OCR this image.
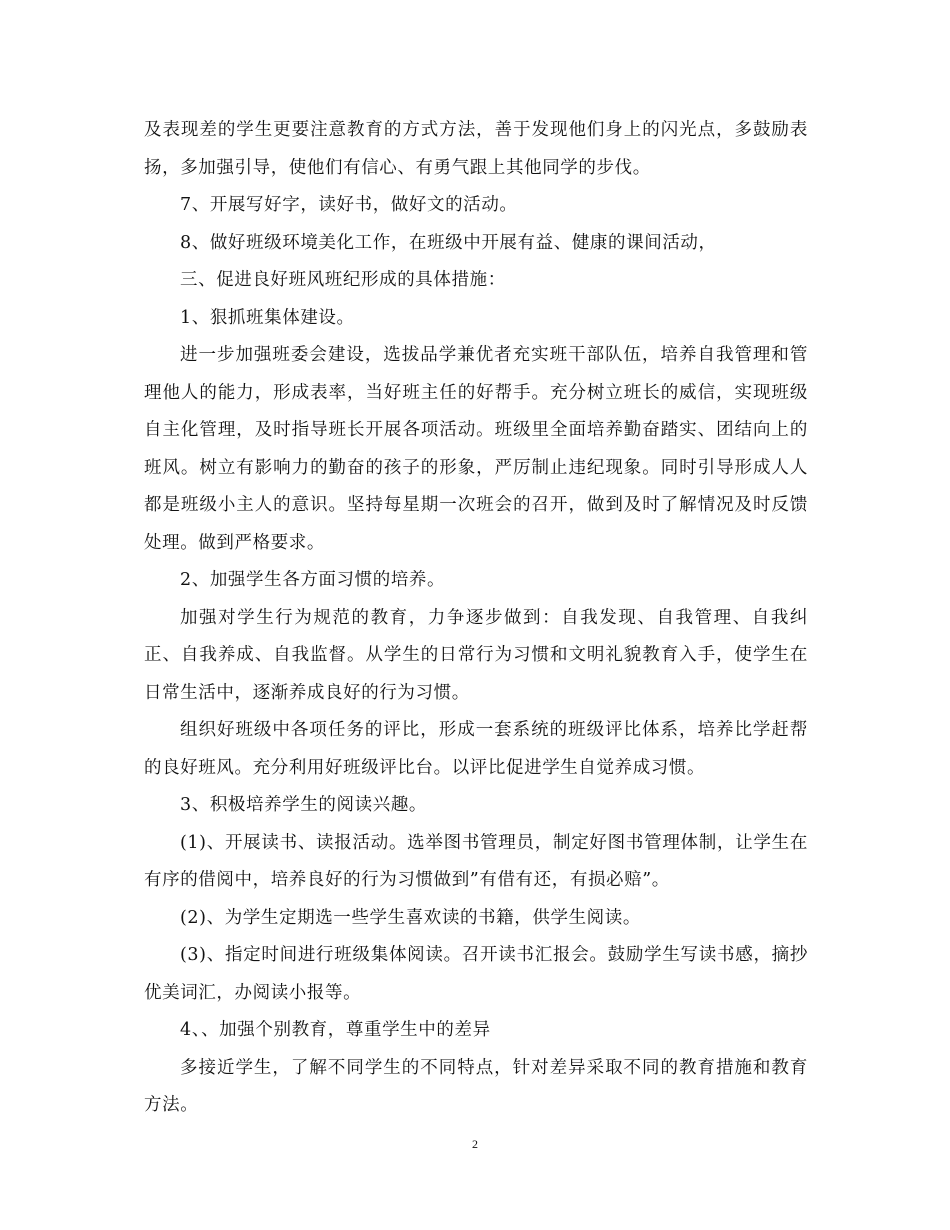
及表现差的学生更要注意教育的方式方法，善于发现他们身上的闪光点，多鼓励表扬，多加强引导，使他们有信心、有勇气跟上其他同学的步伐。

7、开展写好字，读好书，做好文的活动。

8、做好班级环境美化工作，在班级中开展有益、健康的课间活动，

三、促进良好班风班纪形成的具体措施：

1、狠抓班集体建设。

进一步加强班委会建设，选拔品学兼优者充实班干部队伍，培养自我管理和管理他人的能力，形成表率，当好班主任的好帮手。充分树立班长的威信，实现班级自主化管理，及时指导班长开展各项活动。班级里全面培养勤奋踏实、团结向上的班风。树立有影响力的勤奋的孩子的形象，严厉制止违纪现象。同时引导形成人人都是班级小主人的意识。坚持每星期一次班会的召开，做到及时了解情况及时反馈处理。做到严格要求。

2、加强学生各方面习惯的培养。

加强对学生行为规范的教育，力争逐步做到：自我发现、自我管理、自我纠正、自我养成、自我监督。从学生的日常行为习惯和文明礼貌教育入手，使学生在日常生活中，逐渐养成良好的行为习惯。

组织好班级中各项任务的评比，形成一套系统的班级评比体系，培养比学赶帮的良好班风。充分利用好班级评比台。以评比促进学生自觉养成习惯。

3、积极培养学生的阅读兴趣。

(1)、开展读书、读报活动。选举图书管理员，制定好图书管理体制，让学生在有序的借阅中，培养良好的行为习惯做到”有借有还，有损必赔”。

(2)、为学生定期选一些学生喜欢读的书籍，供学生阅读。

(3)、指定时间进行班级集体阅读。召开读书汇报会。鼓励学生写读书感，摘抄优美词汇，办阅读小报等。

4、、加强个别教育，尊重学生中的差异

多接近学生，了解不同学生的不同特点，针对差异采取不同的教育措施和教育方法。

2
